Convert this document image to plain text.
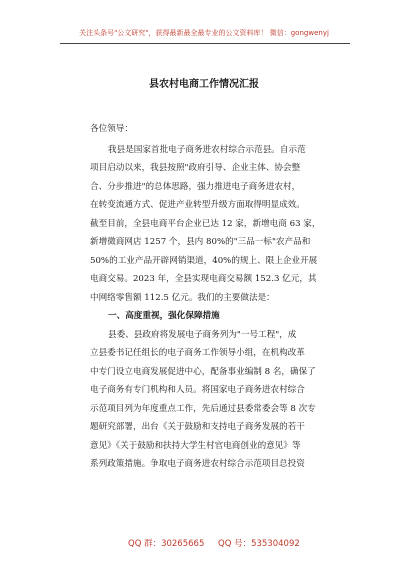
关注头条号"公文研究"，获得最新最全最专业的公文资料库！ 微信：gongwenyj
县农村电商工作情况汇报
各位领导：
我县是国家首批电子商务进农村综合示范县。自示范
项目启动以来，我县按照"政府引导、企业主体、协会整
合、分步推进"的总体思路，强力推进电子商务进农村，
在转变流通方式、促进产业转型升级方面取得明显成效。
截至目前，全县电商平台企业已达 12 家，新增电商 63 家，
新增微商网店 1257 个，县内 80%的"三品一标"农产品和
50%的工业产品开辟网销渠道，40%的规上、限上企业开展
电商交易。2023 年，全县实现电商交易额 152.3 亿元，其
中网络零售额 112.5 亿元。我们的主要做法是：
一、高度重视，强化保障措施
县委、县政府将发展电子商务列为"一号工程"，成
立县委书记任组长的电子商务工作领导小组，在机构改革
中专门设立电商发展促进中心，配备事业编制 8 名，确保了
电子商务有专门机构和人员。将国家电子商务进农村综合
示范项目列为年度重点工作，先后通过县委常委会等 8 次专
题研究部署，出台《关于鼓励和支持电子商务发展的若干
意见》《关于鼓励和扶持大学生村官电商创业的意见》等
系列政策措施。争取电子商务进农村综合示范项目总投资
QQ 群：30265665 QQ 号：535304092
